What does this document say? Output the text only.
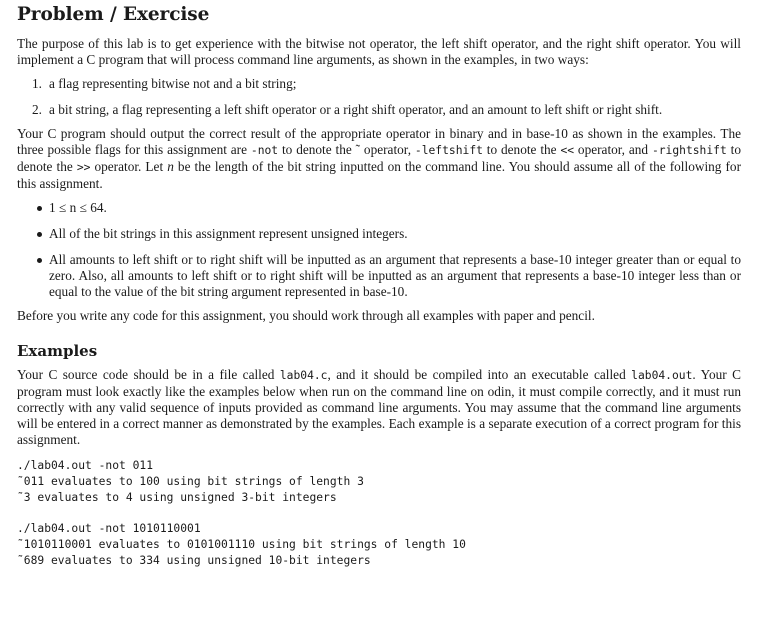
Problem / Exercise

The purpose of this lab is to get experience with the bitwise not operator, the left shift operator, and the right shift operator. You will implement a C program that will process command line arguments, as shown in the examples, in two ways:

1. a flag representing bitwise not and a bit string;
2. a bit string, a flag representing a left shift operator or a right shift operator, and an amount to left shift or right shift.

Your C program should output the correct result of the appropriate operator in binary and in base-10 as shown in the examples. The three possible flags for this assignment are -not to denote the ˜ operator, -leftshift to denote the << operator, and -rightshift to denote the >> operator. Let n be the length of the bit string inputted on the command line. You should assume all of the following for this assignment.

1 ≤ n ≤ 64.
All of the bit strings in this assignment represent unsigned integers.
All amounts to left shift or to right shift will be inputted as an argument that represents a base-10 integer greater than or equal to zero. Also, all amounts to left shift or to right shift will be inputted as an argument that represents a base-10 integer less than or equal to the value of the bit string argument represented in base-10.

Before you write any code for this assignment, you should work through all examples with paper and pencil.

Examples

Your C source code should be in a file called lab04.c, and it should be compiled into an executable called lab04.out. Your C program must look exactly like the examples below when run on the command line on odin, it must compile correctly, and it must run correctly with any valid sequence of inputs provided as command line arguments. You may assume that the command line arguments will be entered in a correct manner as demonstrated by the examples. Each example is a separate execution of a correct program for this assignment.

./lab04.out -not 011
˜011 evaluates to 100 using bit strings of length 3
˜3 evaluates to 4 using unsigned 3-bit integers
./lab04.out -not 1010110001
˜1010110001 evaluates to 0101001110 using bit strings of length 10
˜689 evaluates to 334 using unsigned 10-bit integers
